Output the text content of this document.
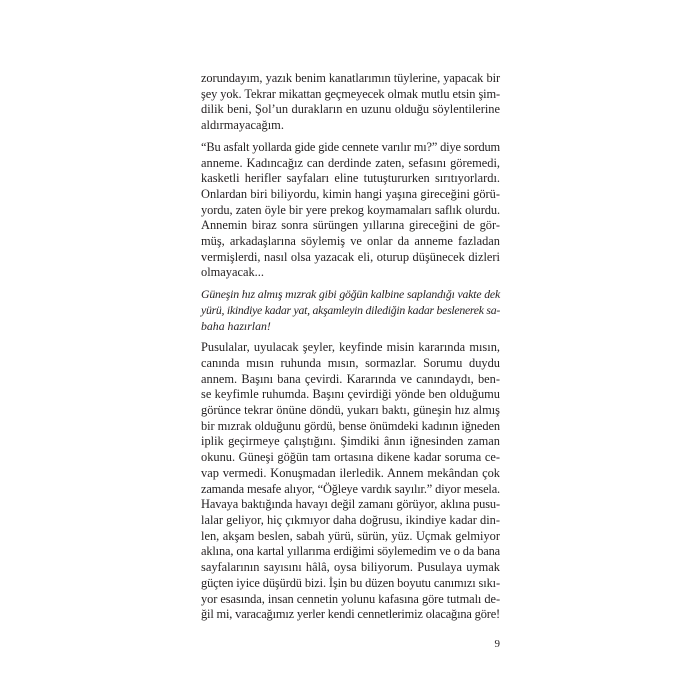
zorundayım, yazık benim kanatlarımın tüylerine, yapacak bir
şey yok. Tekrar mikattan geçmeyecek olmak mutlu etsin şim-
dilik beni, Şol’un durakların en uzunu olduğu söylentilerine
aldırmayacağım.
“Bu asfalt yollarda gide gide cennete varılır mı?” diye sordum
anneme. Kadıncağız can derdinde zaten, sefasını göremedi,
kasketli herifler sayfaları eline tutuştururken sırıtıyorlardı.
Onlardan biri biliyordu, kimin hangi yaşına gireceğini görü-
yordu, zaten öyle bir yere prekog koymamaları saflık olurdu.
Annemin biraz sonra sürüngen yıllarına gireceğini de gör-
müş, arkadaşlarına söylemiş ve onlar da anneme fazladan
vermişlerdi, nasıl olsa yazacak eli, oturup düşünecek dizleri
olmayacak...
Güneşin hız almış mızrak gibi göğün kalbine saplandığı vakte dek
yürü, ikindiye kadar yat, akşamleyin dilediğin kadar beslenerek sa-
baha hazırlan!
Pusulalar, uyulacak şeyler, keyfinde misin kararında mısın,
canında mısın ruhunda mısın, sormazlar. Sorumu duydu
annem. Başını bana çevirdi. Kararında ve canındaydı, ben-
se keyfimle ruhumda. Başını çevirdiği yönde ben olduğumu
görünce tekrar önüne döndü, yukarı baktı, güneşin hız almış
bir mızrak olduğunu gördü, bense önümdeki kadının iğneden
iplik geçirmeye çalıştığını. Şimdiki ânın iğnesinden zaman
okunu. Güneşi göğün tam ortasına dikene kadar soruma ce-
vap vermedi. Konuşmadan ilerledik. Annem mekândan çok
zamanda mesafe alıyor, “Öğleye vardık sayılır.” diyor mesela.
Havaya baktığında havayı değil zamanı görüyor, aklına pusu-
lalar geliyor, hiç çıkmıyor daha doğrusu, ikindiye kadar din-
len, akşam beslen, sabah yürü, sürün, yüz. Uçmak gelmiyor
aklına, ona kartal yıllarıma erdiğimi söylemedim ve o da bana
sayfalarının sayısını hâlâ, oysa biliyorum. Pusulaya uymak
güçten iyice düşürdü bizi. İşin bu düzen boyutu canımızı sıkı-
yor esasında, insan cennetin yolunu kafasına göre tutmalı de-
ğil mi, varacağımız yerler kendi cennetlerimiz olacağına göre!
9
